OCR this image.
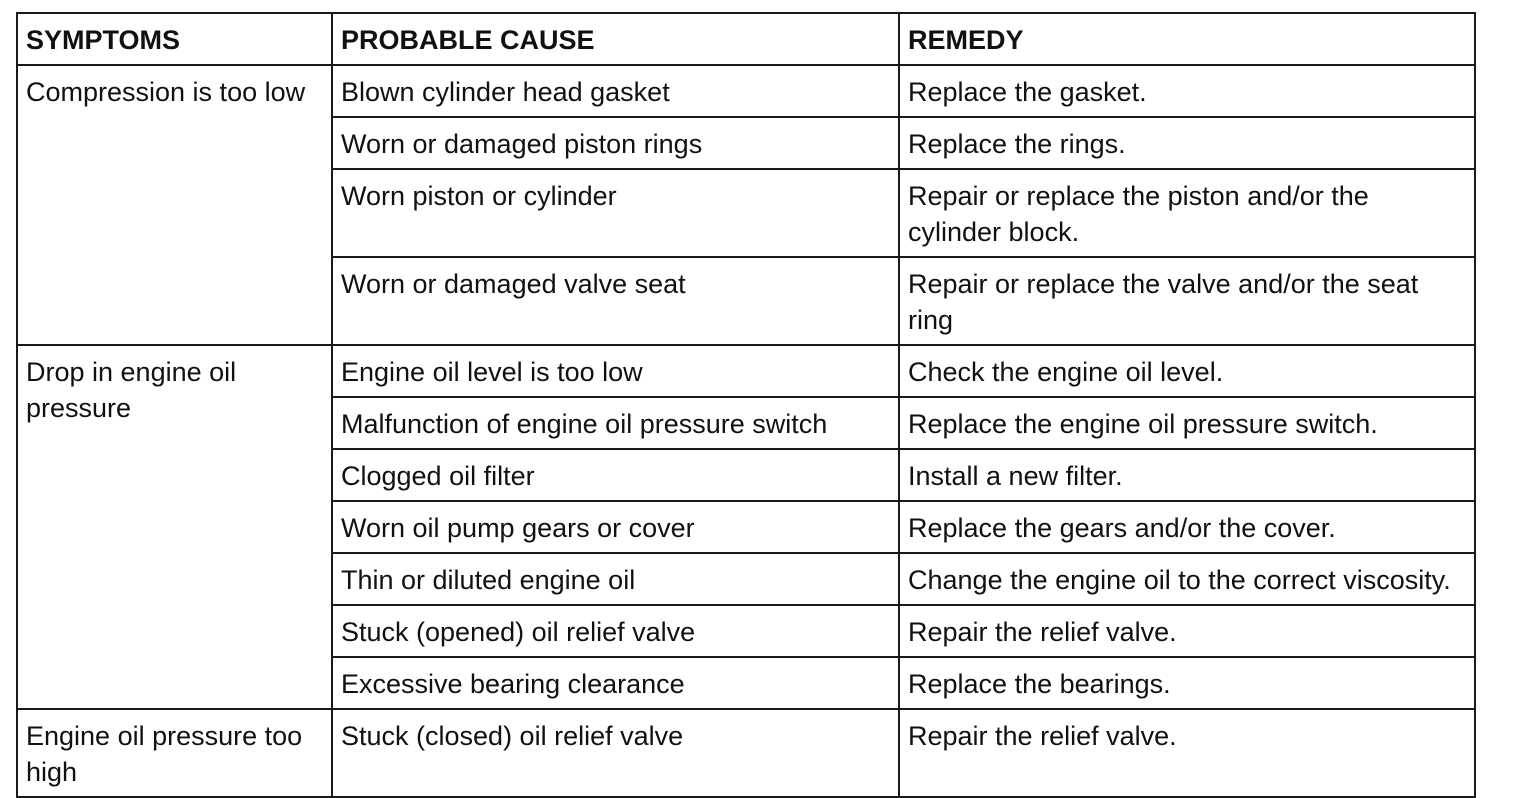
SYMPTOMS	PROBABLE CAUSE	REMEDY
Compression is too low	Blown cylinder head gasket	Replace the gasket.
	Worn or damaged piston rings	Replace the rings.
	Worn piston or cylinder	Repair or replace the piston and/or the cylinder block.
	Worn or damaged valve seat	Repair or replace the valve and/or the seat ring
Drop in engine oil pressure	Engine oil level is too low	Check the engine oil level.
	Malfunction of engine oil pressure switch	Replace the engine oil pressure switch.
	Clogged oil filter	Install a new filter.
	Worn oil pump gears or cover	Replace the gears and/or the cover.
	Thin or diluted engine oil	Change the engine oil to the correct viscosity.
	Stuck (opened) oil relief valve	Repair the relief valve.
	Excessive bearing clearance	Replace the bearings.
Engine oil pressure too high	Stuck (closed) oil relief valve	Repair the relief valve.
